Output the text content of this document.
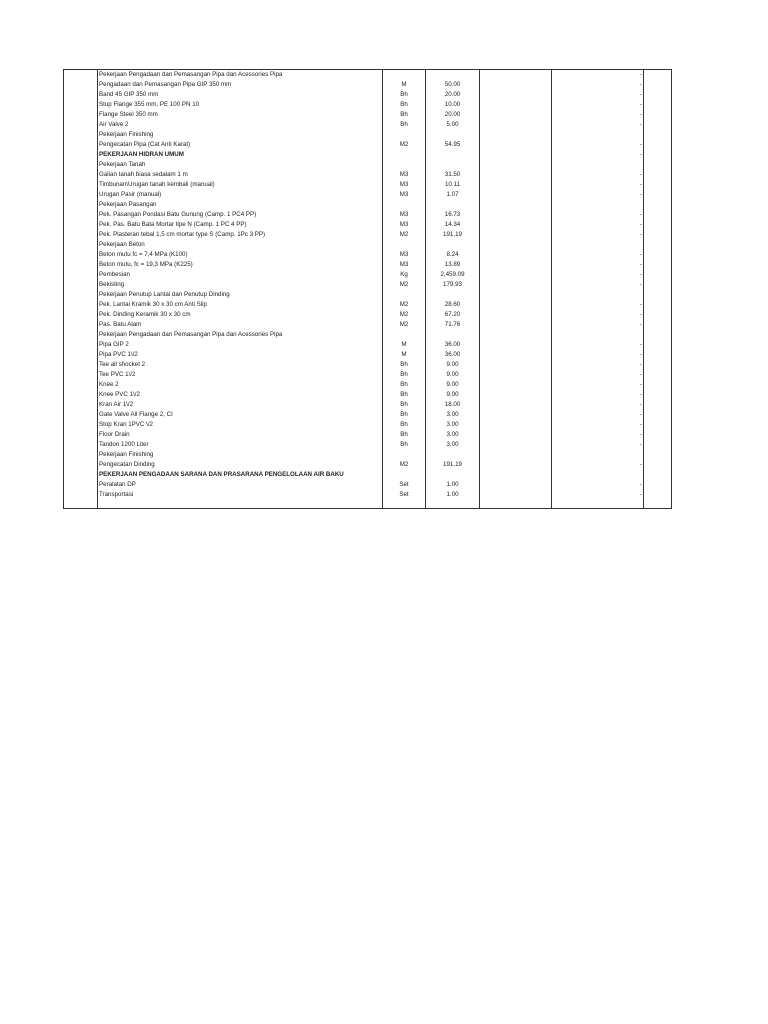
	Pekerjaan Pengadaan dan Pemasangan Pipa dan Acessories Pipa				-	
	Pengadaan dan Pemasangan Pipa GIP 350 mm	M	50.00		-	
	Band 45 GIP 350 mm	Bh	20.00		-	
	Stup Flange 355 mm, PE 100 PN 10	Bh	10.00		-	
	Flange Steel 350 mm	Bh	20.00		-	
	Air Valve 2	Bh	5.00		-	
	Pekerjaan Finishing					
	Pengecatan Pipa (Cat Anti Karat)	M2	54.95		-	
	PEKERJAAN HIDRAN UMUM				-	
	Pekerjaan Tanah					
	Galian tanah biasa sedalam 1 m	M3	31.50		-	
	Timbunan\Urugan tanah kembali (manual)	M3	10.11		-	
	Urugan Pasir (manual)	M3	1.07		-	
	Pekerjaan Pasangan					
	Pek. Pasangan Pondasi Batu Gunung (Camp. 1 PC4 PP)	M3	16.73		-	
	Pek. Pas. Batu Bata Mortar tipe N (Camp. 1 PC 4 PP)	M3	14.34		-	
	Pek. Plasteran tebal 1,5 cm mortar type S (Camp. 1Pc 3 PP)	M2	191.19		-	
	Pekerjaan Beton					
	Beton mutu fc = 7,4 MPa (K100)	M3	8.24		-	
	Beton mutu, fc = 19,3 MPa (K225)	M3	13.89		-	
	Pembesian	Kg	2,459.09		-	
	Bekisting	M2	179.93		-	
	Pekerjaan Penutup Lantai dan Penutup Dinding					
	Pek. Lantai Kramik 30 x 30 cm Anti Slip	M2	28.60		-	
	Pek. Dinding Keramik 30 x 30 cm	M2	67.20		-	
	Pas. Batu Alam	M2	71.76		-	
	Pekerjaan Pengadaan dan Pemasangan Pipa dan Acessories Pipa					
	Pipa GIP 2	M	36.00		-	
	Pipa PVC 1\/2	M	36.00		-	
	Tee all shocket 2	Bh	9.00		-	
	Tee PVC 1\/2	Bh	9.00		-	
	Knee 2	Bh	9.00		-	
	Knee PVC 1\/2	Bh	9.00		-	
	Kran Air 1\/2	Bh	18.00		-	
	Gate Valve All Flange 2, CI	Bh	3.00		-	
	Stop Kran 1PVC \/2	Bh	3.00		-	
	Floor Drain	Bh	3.00		-	
	Tandon 1200 Liter	Bh	3.00		-	
	Pekerjaan Finishing					
	Pengecatan Dinding	M2	191.19		-	
	PEKERJAAN PENGADAAN SARANA DAN PRASARANA PENGELOLAAN AIR BAKU					
	Peralatan DP	Set	1.00		-	
	Transportasi	Set	1.00		-	
